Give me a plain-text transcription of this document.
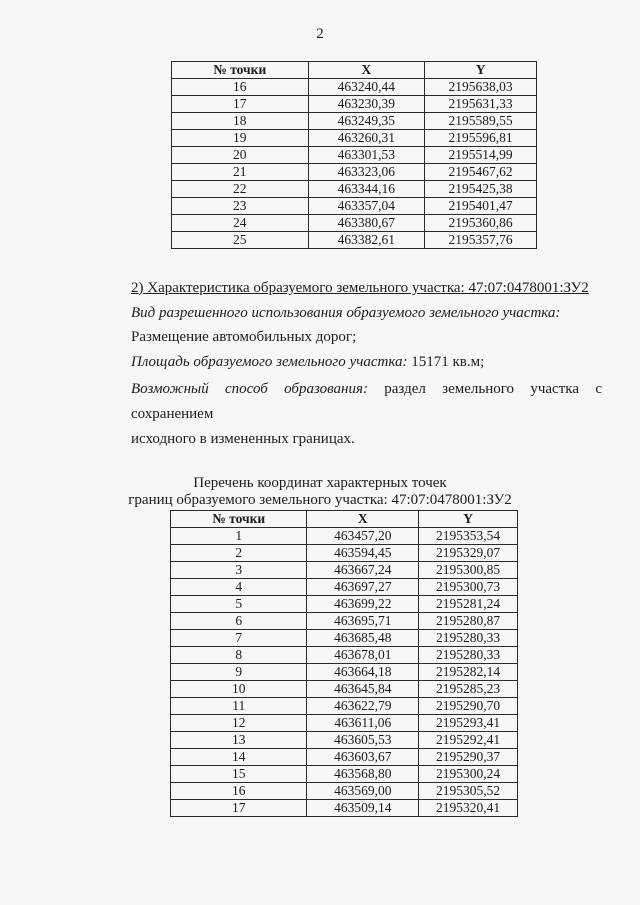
2
№ точки	X	Y
16	463240,44	2195638,03
17	463230,39	2195631,33
18	463249,35	2195589,55
19	463260,31	2195596,81
20	463301,53	2195514,99
21	463323,06	2195467,62
22	463344,16	2195425,38
23	463357,04	2195401,47
24	463380,67	2195360,86
25	463382,61	2195357,76
2) Характеристика образуемого земельного участка: 47:07:0478001:ЗУ2
Вид разрешенного использования образуемого земельного участка:
Размещение автомобильных дорог;
Площадь образуемого земельного участка: 15171 кв.м;
Возможный способ образования: раздел земельного участка с
сохранением
исходного в измененных границах.
Перечень координат характерных точек
границ образуемого земельного участка: 47:07:0478001:ЗУ2
№ точки	X	Y
1	463457,20	2195353,54
2	463594,45	2195329,07
3	463667,24	2195300,85
4	463697,27	2195300,73
5	463699,22	2195281,24
6	463695,71	2195280,87
7	463685,48	2195280,33
8	463678,01	2195280,33
9	463664,18	2195282,14
10	463645,84	2195285,23
11	463622,79	2195290,70
12	463611,06	2195293,41
13	463605,53	2195292,41
14	463603,67	2195290,37
15	463568,80	2195300,24
16	463569,00	2195305,52
17	463509,14	2195320,41
